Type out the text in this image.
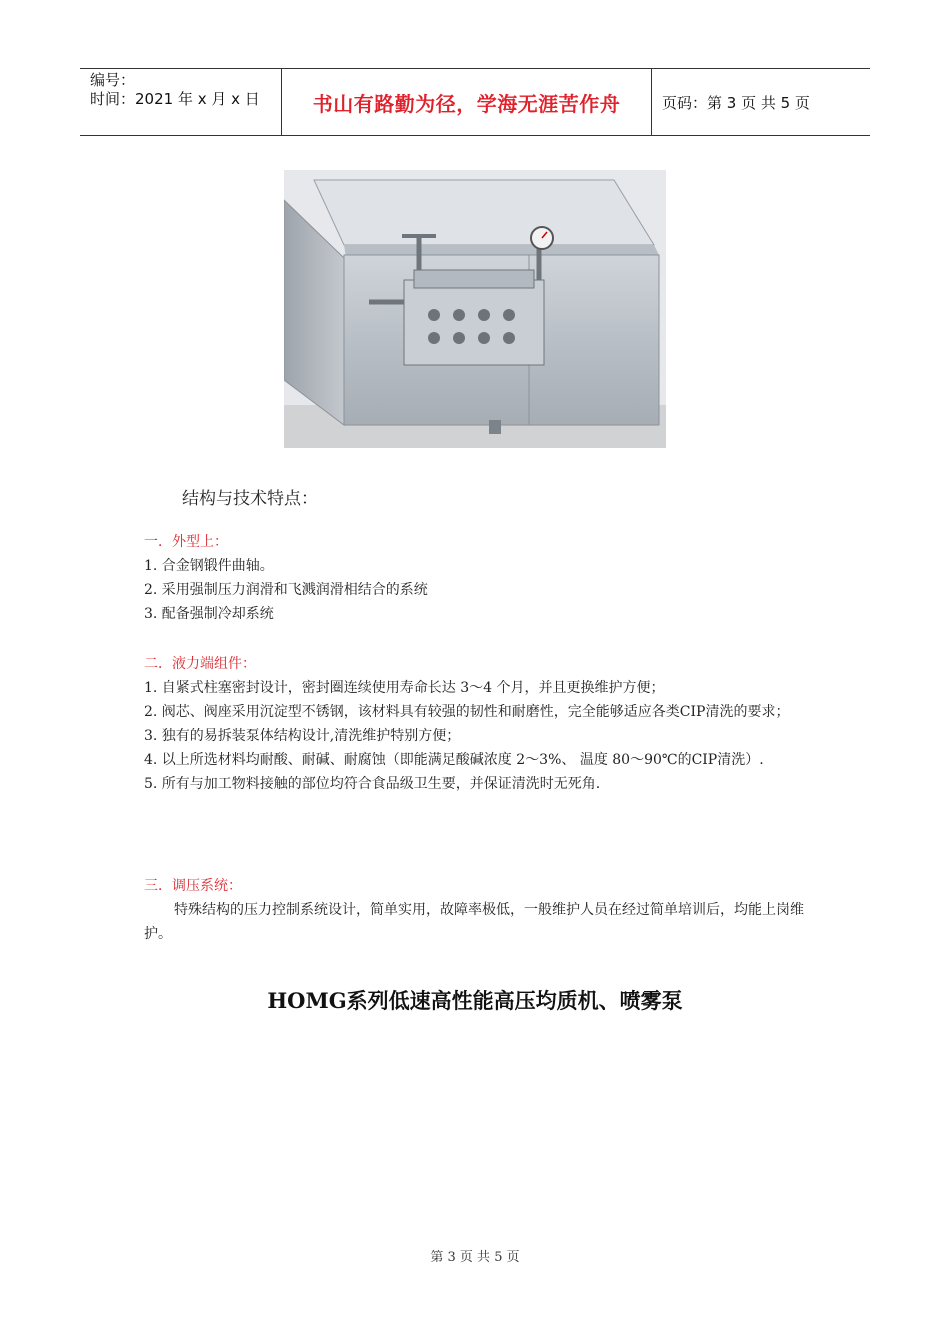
编号：
时间：2021 年 x 月 x 日	书山有路勤为径，学海无涯苦作舟	页码：第 3 页 共 5 页
结构与技术特点：
一．外型上：
1. 合金钢锻件曲轴。
2. 采用强制压力润滑和飞溅润滑相结合的系统
3. 配备强制冷却系统
二．液力端组件：
1. 自紧式柱塞密封设计，密封圈连续使用寿命长达 3～4 个月，并且更换维护方便；
2. 阀芯、阀座采用沉淀型不锈钢，该材料具有较强的韧性和耐磨性，完全能够适应各类CIP清洗的要求；
3. 独有的易拆装泵体结构设计,清洗维护特别方便；
4. 以上所选材料均耐酸、耐碱、耐腐蚀（即能满足酸碱浓度 2～3%、 温度 80～90℃的CIP清洗）.
5. 所有与加工物料接触的部位均符合食品级卫生要，并保证清洗时无死角.
三．调压系统：
特殊结构的压力控制系统设计，简单实用，故障率极低，一般维护人员在经过简单培训后，均能上岗维护。
HOMG系列低速高性能高压均质机、喷雾泵
第 3 页 共 5 页
